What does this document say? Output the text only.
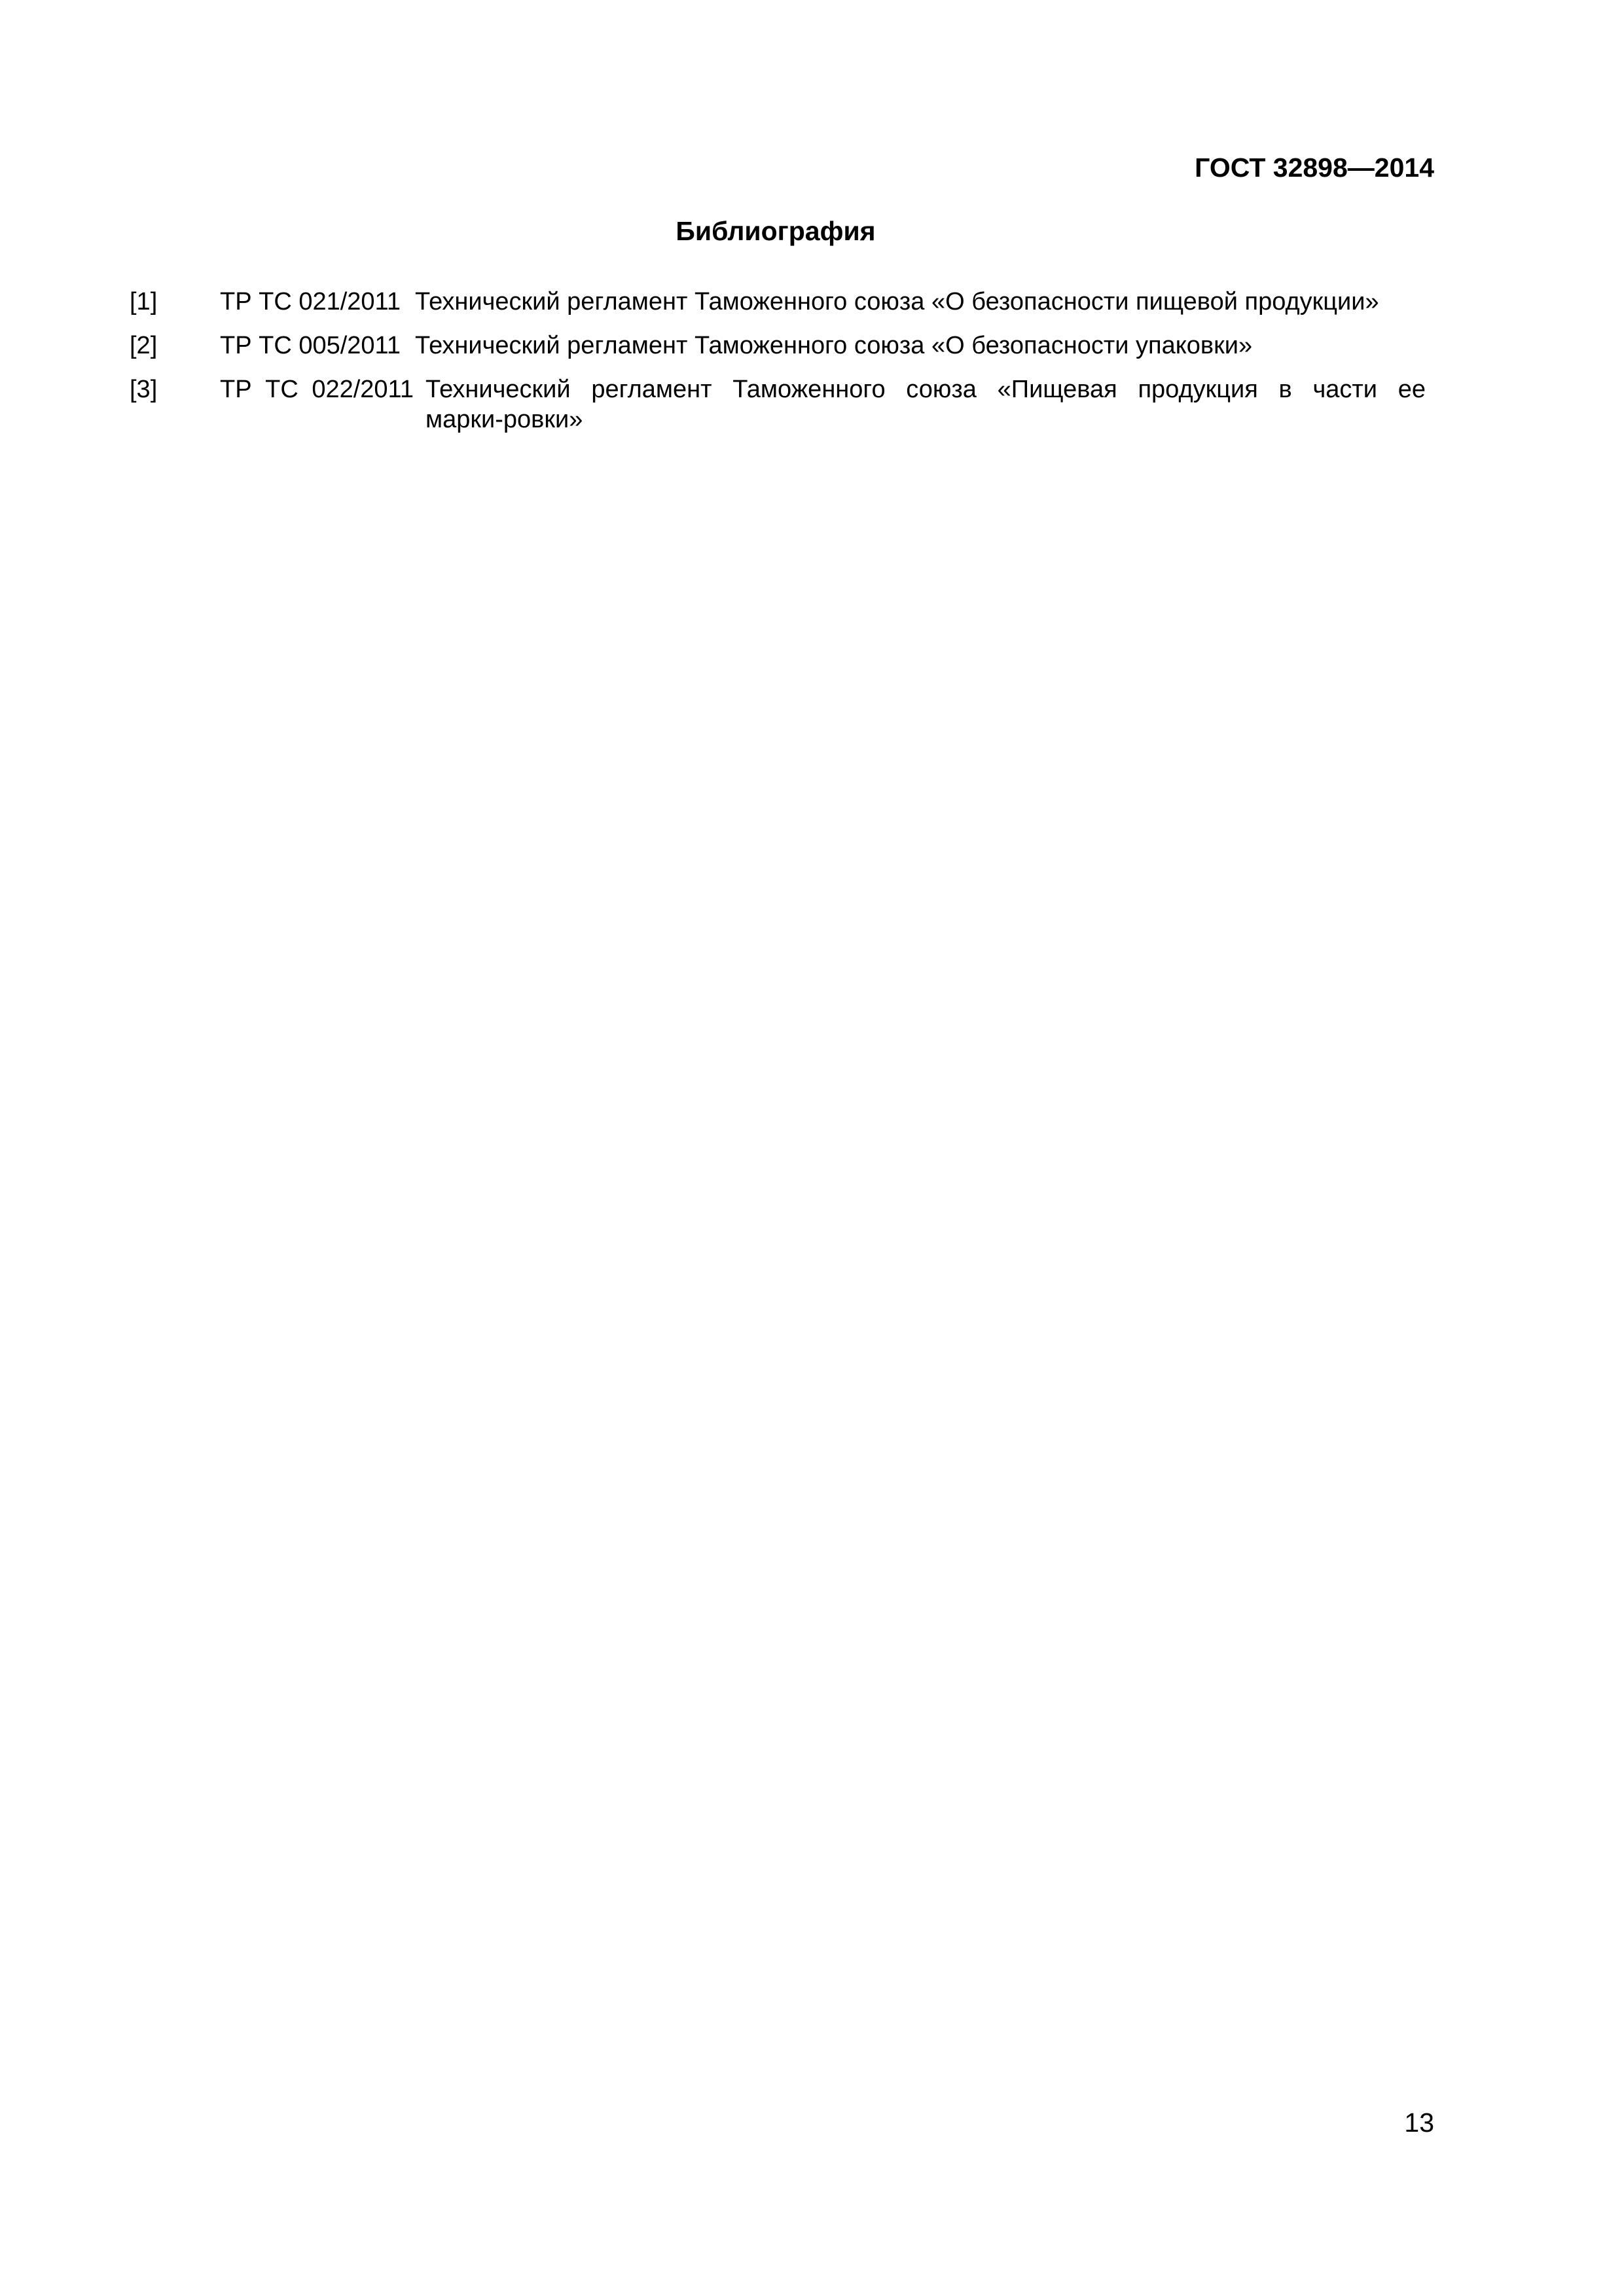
ГОСТ 32898—2014
Библиография
[1]	ТР ТС 021/2011 Технический регламент Таможенного союза «О безопасности пищевой продукции»
[2]	ТР ТС 005/2011 Технический регламент Таможенного союза «О безопасности упаковки»
[3]	ТР ТС 022/2011 Технический регламент Таможенного союза «Пищевая продукция в части ее марки-ровки»
13
